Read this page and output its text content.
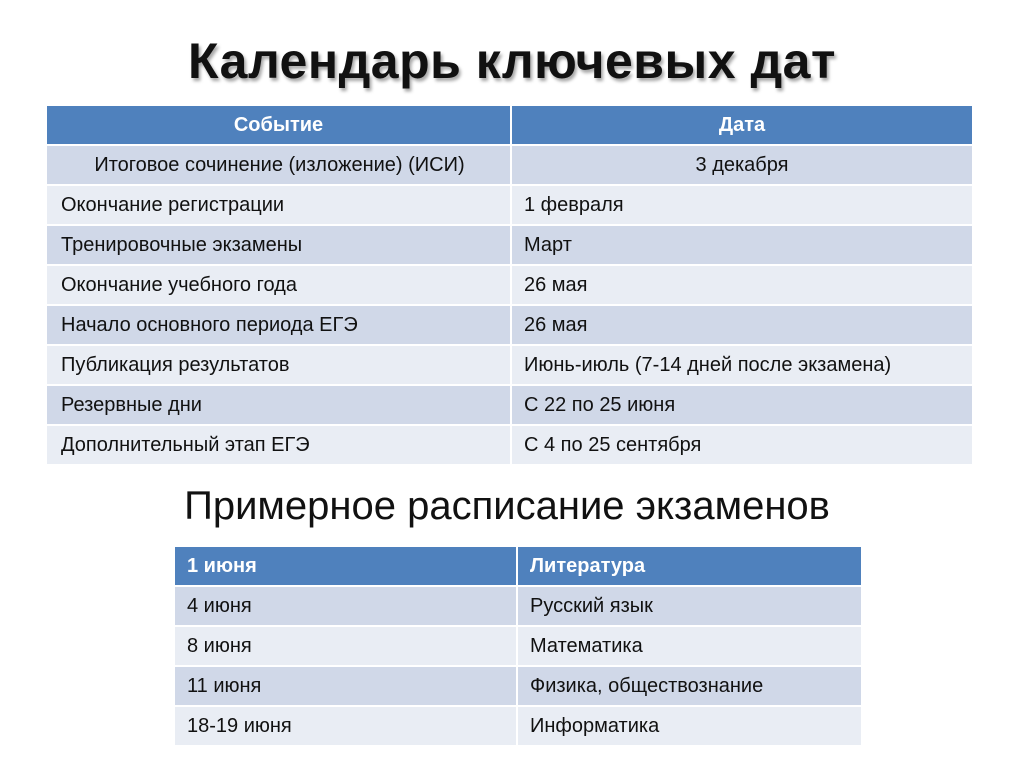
Календарь ключевых дат
Событие	Дата
Итоговое сочинение (изложение) (ИСИ)	3 декабря
Окончание регистрации	1 февраля
Тренировочные экзамены	Март
Окончание учебного года	26 мая
Начало основного периода ЕГЭ	26 мая
Публикация результатов	Июнь-июль (7-14 дней после экзамена)
Резервные дни	С 22 по 25 июня
Дополнительный этап ЕГЭ	С 4 по 25 сентября
Примерное расписание экзаменов
1 июня	Литература
4 июня	Русский язык
8 июня	Математика
11 июня	Физика, обществознание
18-19 июня	Информатика
